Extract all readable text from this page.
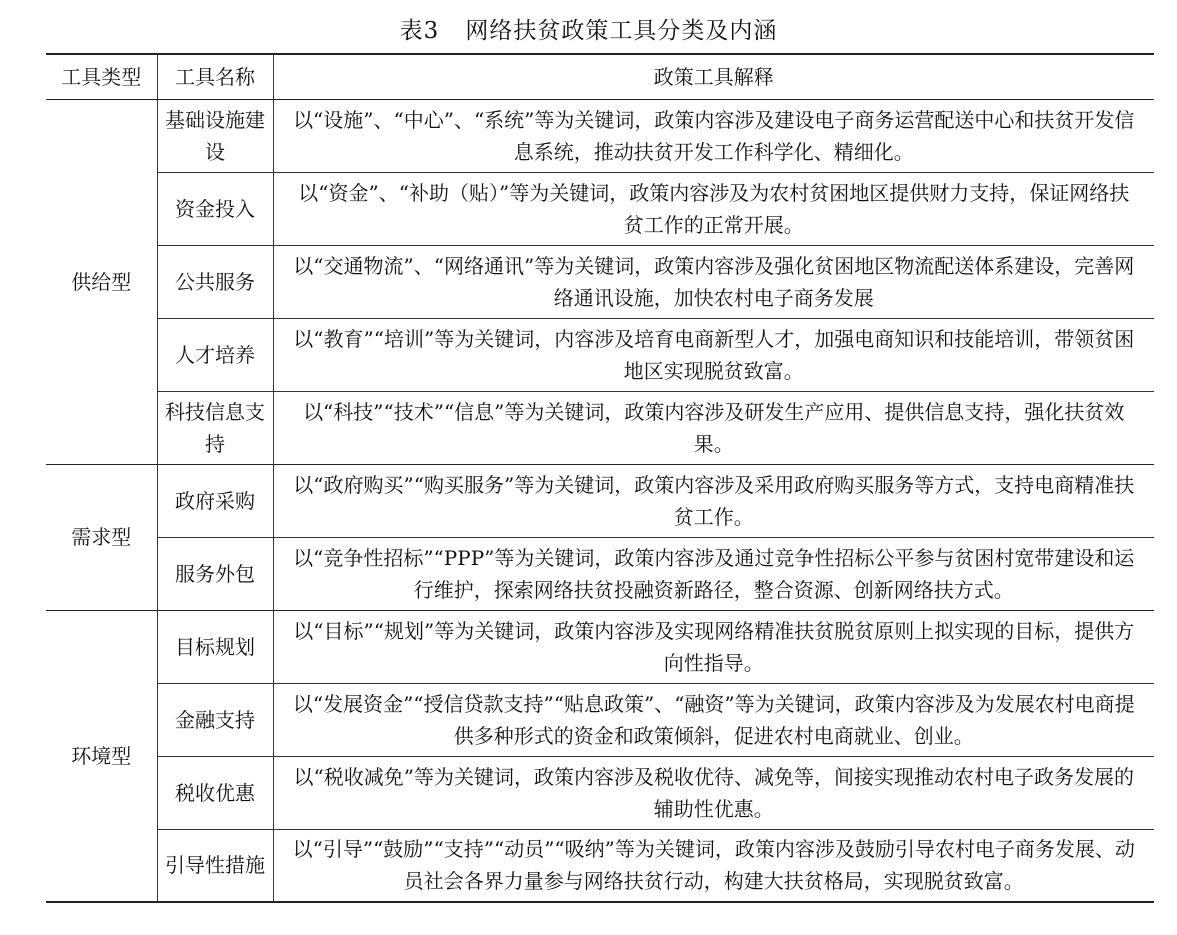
表3 网络扶贫政策工具分类及内涵
工具类型	工具名称	政策工具解释
供给型	基础设施建设	以“设施”、“中心”、“系统”等为关键词，政策内容涉及建设电子商务运营配送中心和扶贫开发信息系统，推动扶贫开发工作科学化、精细化。
	资金投入	以“资金”、“补助（贴）”等为关键词，政策内容涉及为农村贫困地区提供财力支持，保证网络扶贫工作的正常开展。
	公共服务	以“交通物流”、“网络通讯”等为关键词，政策内容涉及强化贫困地区物流配送体系建设，完善网络通讯设施，加快农村电子商务发展
	人才培养	以“教育”“培训”等为关键词，内容涉及培育电商新型人才，加强电商知识和技能培训，带领贫困地区实现脱贫致富。
	科技信息支持	以“科技”“技术”“信息”等为关键词，政策内容涉及研发生产应用、提供信息支持，强化扶贫效果。
需求型	政府采购	以“政府购买”“购买服务”等为关键词，政策内容涉及采用政府购买服务等方式，支持电商精准扶贫工作。
	服务外包	以“竞争性招标”“PPP”等为关键词，政策内容涉及通过竞争性招标公平参与贫困村宽带建设和运行维护，探索网络扶贫投融资新路径，整合资源、创新网络扶方式。
环境型	目标规划	以“目标”“规划”等为关键词，政策内容涉及实现网络精准扶贫脱贫原则上拟实现的目标，提供方向性指导。
	金融支持	以“发展资金”“授信贷款支持”“贴息政策”、“融资”等为关键词，政策内容涉及为发展农村电商提供多种形式的资金和政策倾斜，促进农村电商就业、创业。
	税收优惠	以“税收减免”等为关键词，政策内容涉及税收优待、减免等，间接实现推动农村电子政务发展的辅助性优惠。
	引导性措施	以“引导”“鼓励”“支持”“动员”“吸纳”等为关键词，政策内容涉及鼓励引导农村电子商务发展、动员社会各界力量参与网络扶贫行动，构建大扶贫格局，实现脱贫致富。
